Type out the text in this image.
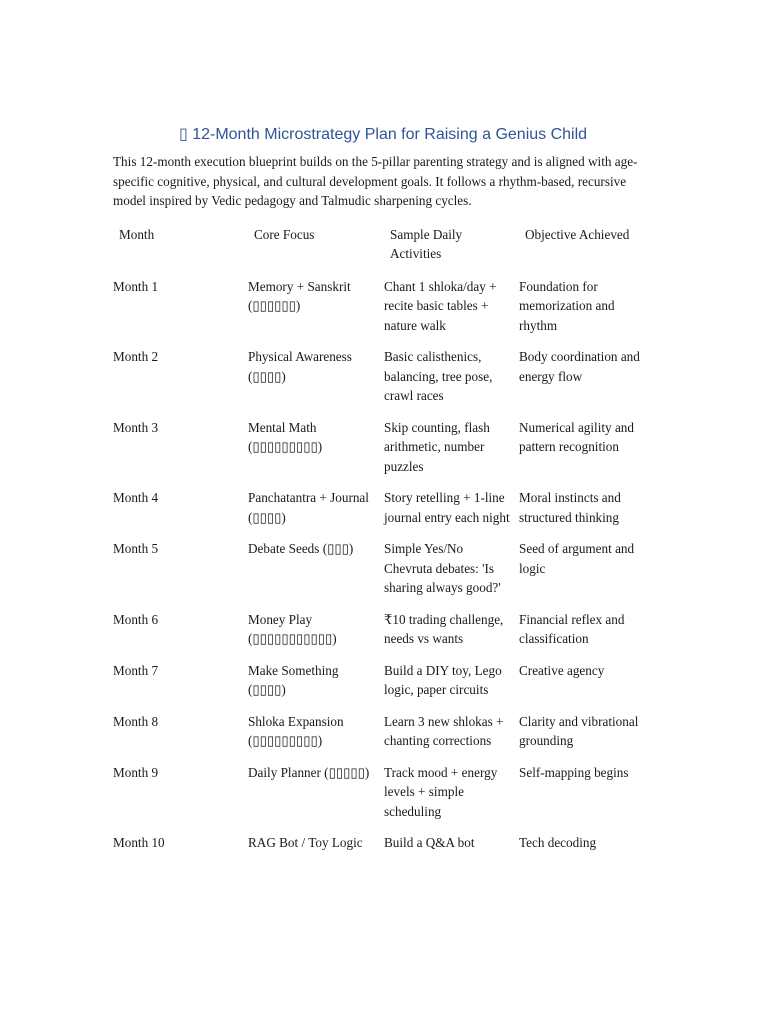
▯ 12-Month Microstrategy Plan for Raising a Genius Child

This 12-month execution blueprint builds on the 5-pillar parenting strategy and is aligned with age-specific cognitive, physical, and cultural development goals. It follows a rhythm-based, recursive model inspired by Vedic pedagogy and Talmudic sharpening cycles.

Month	Core Focus	Sample Daily Activities	Objective Achieved
Month 1	Memory + Sanskrit (▯▯▯▯▯▯)	Chant 1 shloka/day + recite basic tables + nature walk	Foundation for memorization and rhythm
Month 2	Physical Awareness (▯▯▯▯)	Basic calisthenics, balancing, tree pose, crawl races	Body coordination and energy flow
Month 3	Mental Math (▯▯▯▯▯▯▯▯▯)	Skip counting, flash arithmetic, number puzzles	Numerical agility and pattern recognition
Month 4	Panchatantra + Journal (▯▯▯▯)	Story retelling + 1-line journal entry each night	Moral instincts and structured thinking
Month 5	Debate Seeds (▯▯▯)	Simple Yes/No Chevruta debates: 'Is sharing always good?'	Seed of argument and logic
Month 6	Money Play (▯▯▯▯▯▯▯▯▯▯▯)	₹10 trading challenge, needs vs wants	Financial reflex and classification
Month 7	Make Something (▯▯▯▯)	Build a DIY toy, Lego logic, paper circuits	Creative agency
Month 8	Shloka Expansion (▯▯▯▯▯▯▯▯▯)	Learn 3 new shlokas + chanting corrections	Clarity and vibrational grounding
Month 9	Daily Planner (▯▯▯▯▯)	Track mood + energy levels + simple scheduling	Self-mapping begins
Month 10	RAG Bot / Toy Logic	Build a Q&A bot	Tech decoding
